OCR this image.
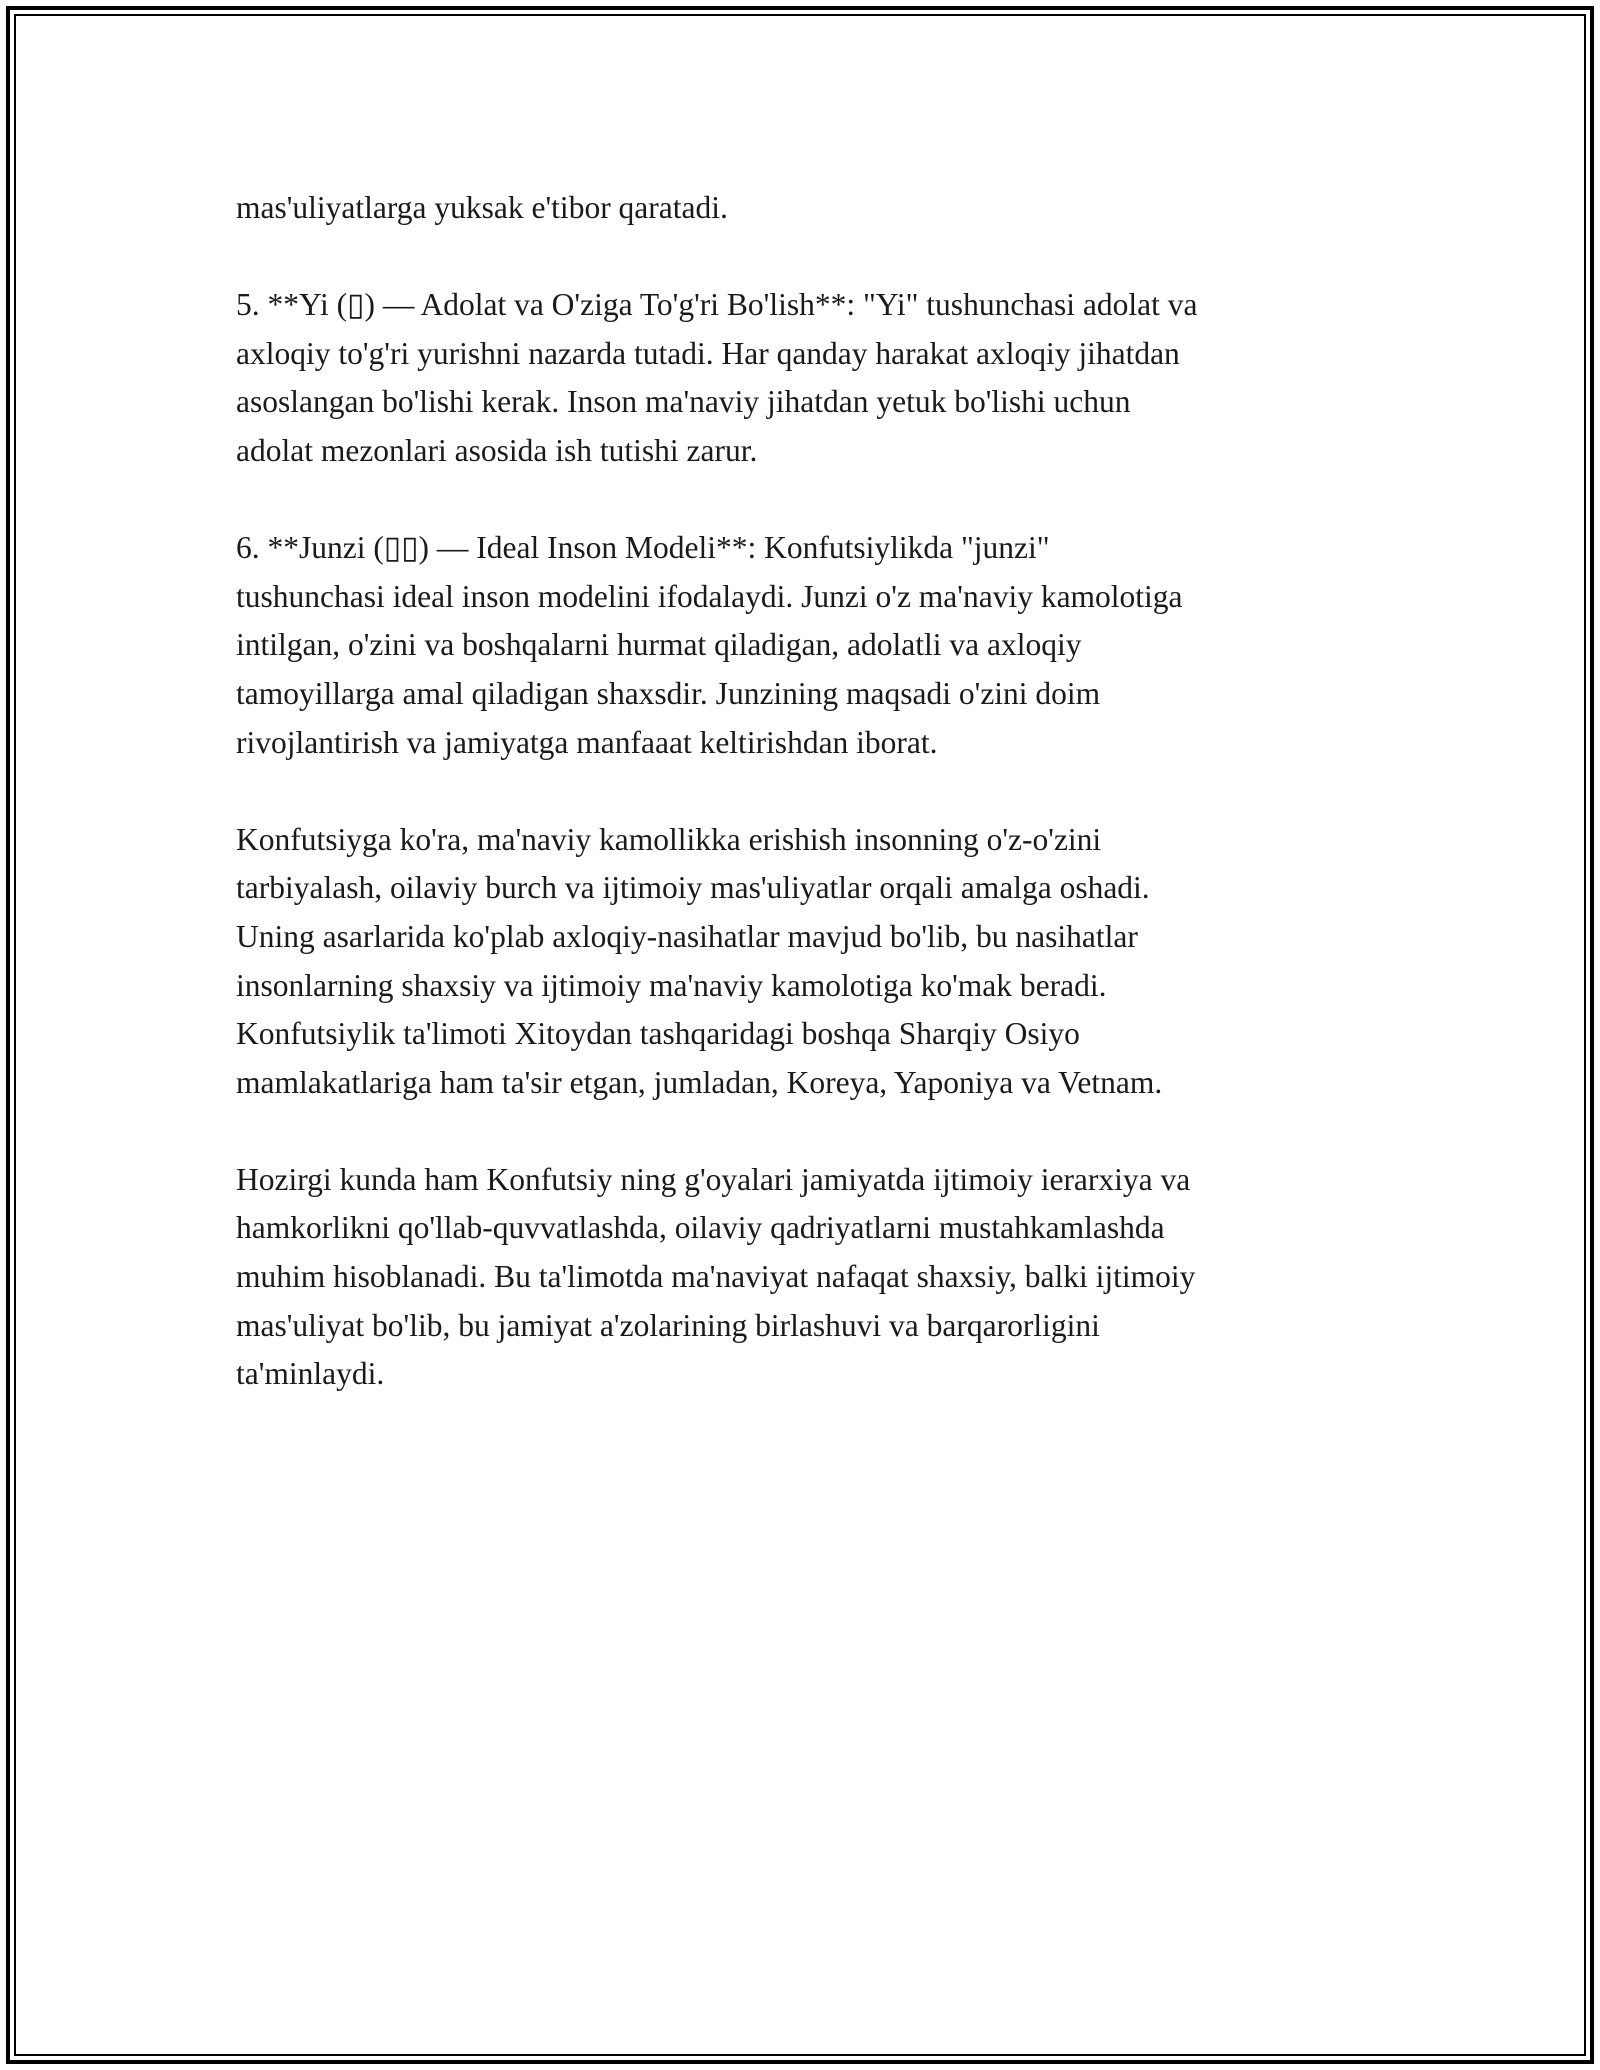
mas'uliyatlarga yuksak e'tibor qaratadi.

5. **Yi (▯) — Adolat va O'ziga To'g'ri Bo'lish**: "Yi" tushunchasi adolat va
axloqiy to'g'ri yurishni nazarda tutadi. Har qanday harakat axloqiy jihatdan
asoslangan bo'lishi kerak. Inson ma'naviy jihatdan yetuk bo'lishi uchun
adolat mezonlari asosida ish tutishi zarur.

6. **Junzi (▯▯) — Ideal Inson Modeli**: Konfutsiylikda "junzi"
tushunchasi ideal inson modelini ifodalaydi. Junzi o'z ma'naviy kamolotiga
intilgan, o'zini va boshqalarni hurmat qiladigan, adolatli va axloqiy
tamoyillarga amal qiladigan shaxsdir. Junzining maqsadi o'zini doim
rivojlantirish va jamiyatga manfaaat keltirishdan iborat.

Konfutsiyga ko'ra, ma'naviy kamollikka erishish insonning o'z-o'zini
tarbiyalash, oilaviy burch va ijtimoiy mas'uliyatlar orqali amalga oshadi.
Uning asarlarida ko'plab axloqiy-nasihatlar mavjud bo'lib, bu nasihatlar
insonlarning shaxsiy va ijtimoiy ma'naviy kamolotiga ko'mak beradi.
Konfutsiylik ta'limoti Xitoydan tashqaridagi boshqa Sharqiy Osiyo
mamlakatlariga ham ta'sir etgan, jumladan, Koreya, Yaponiya va Vetnam.

Hozirgi kunda ham Konfutsiy ning g'oyalari jamiyatda ijtimoiy ierarxiya va
hamkorlikni qo'llab-quvvatlashda, oilaviy qadriyatlarni mustahkamlashda
muhim hisoblanadi. Bu ta'limotda ma'naviyat nafaqat shaxsiy, balki ijtimoiy
mas'uliyat bo'lib, bu jamiyat a'zolarining birlashuvi va barqarorligini
ta'minlaydi.
